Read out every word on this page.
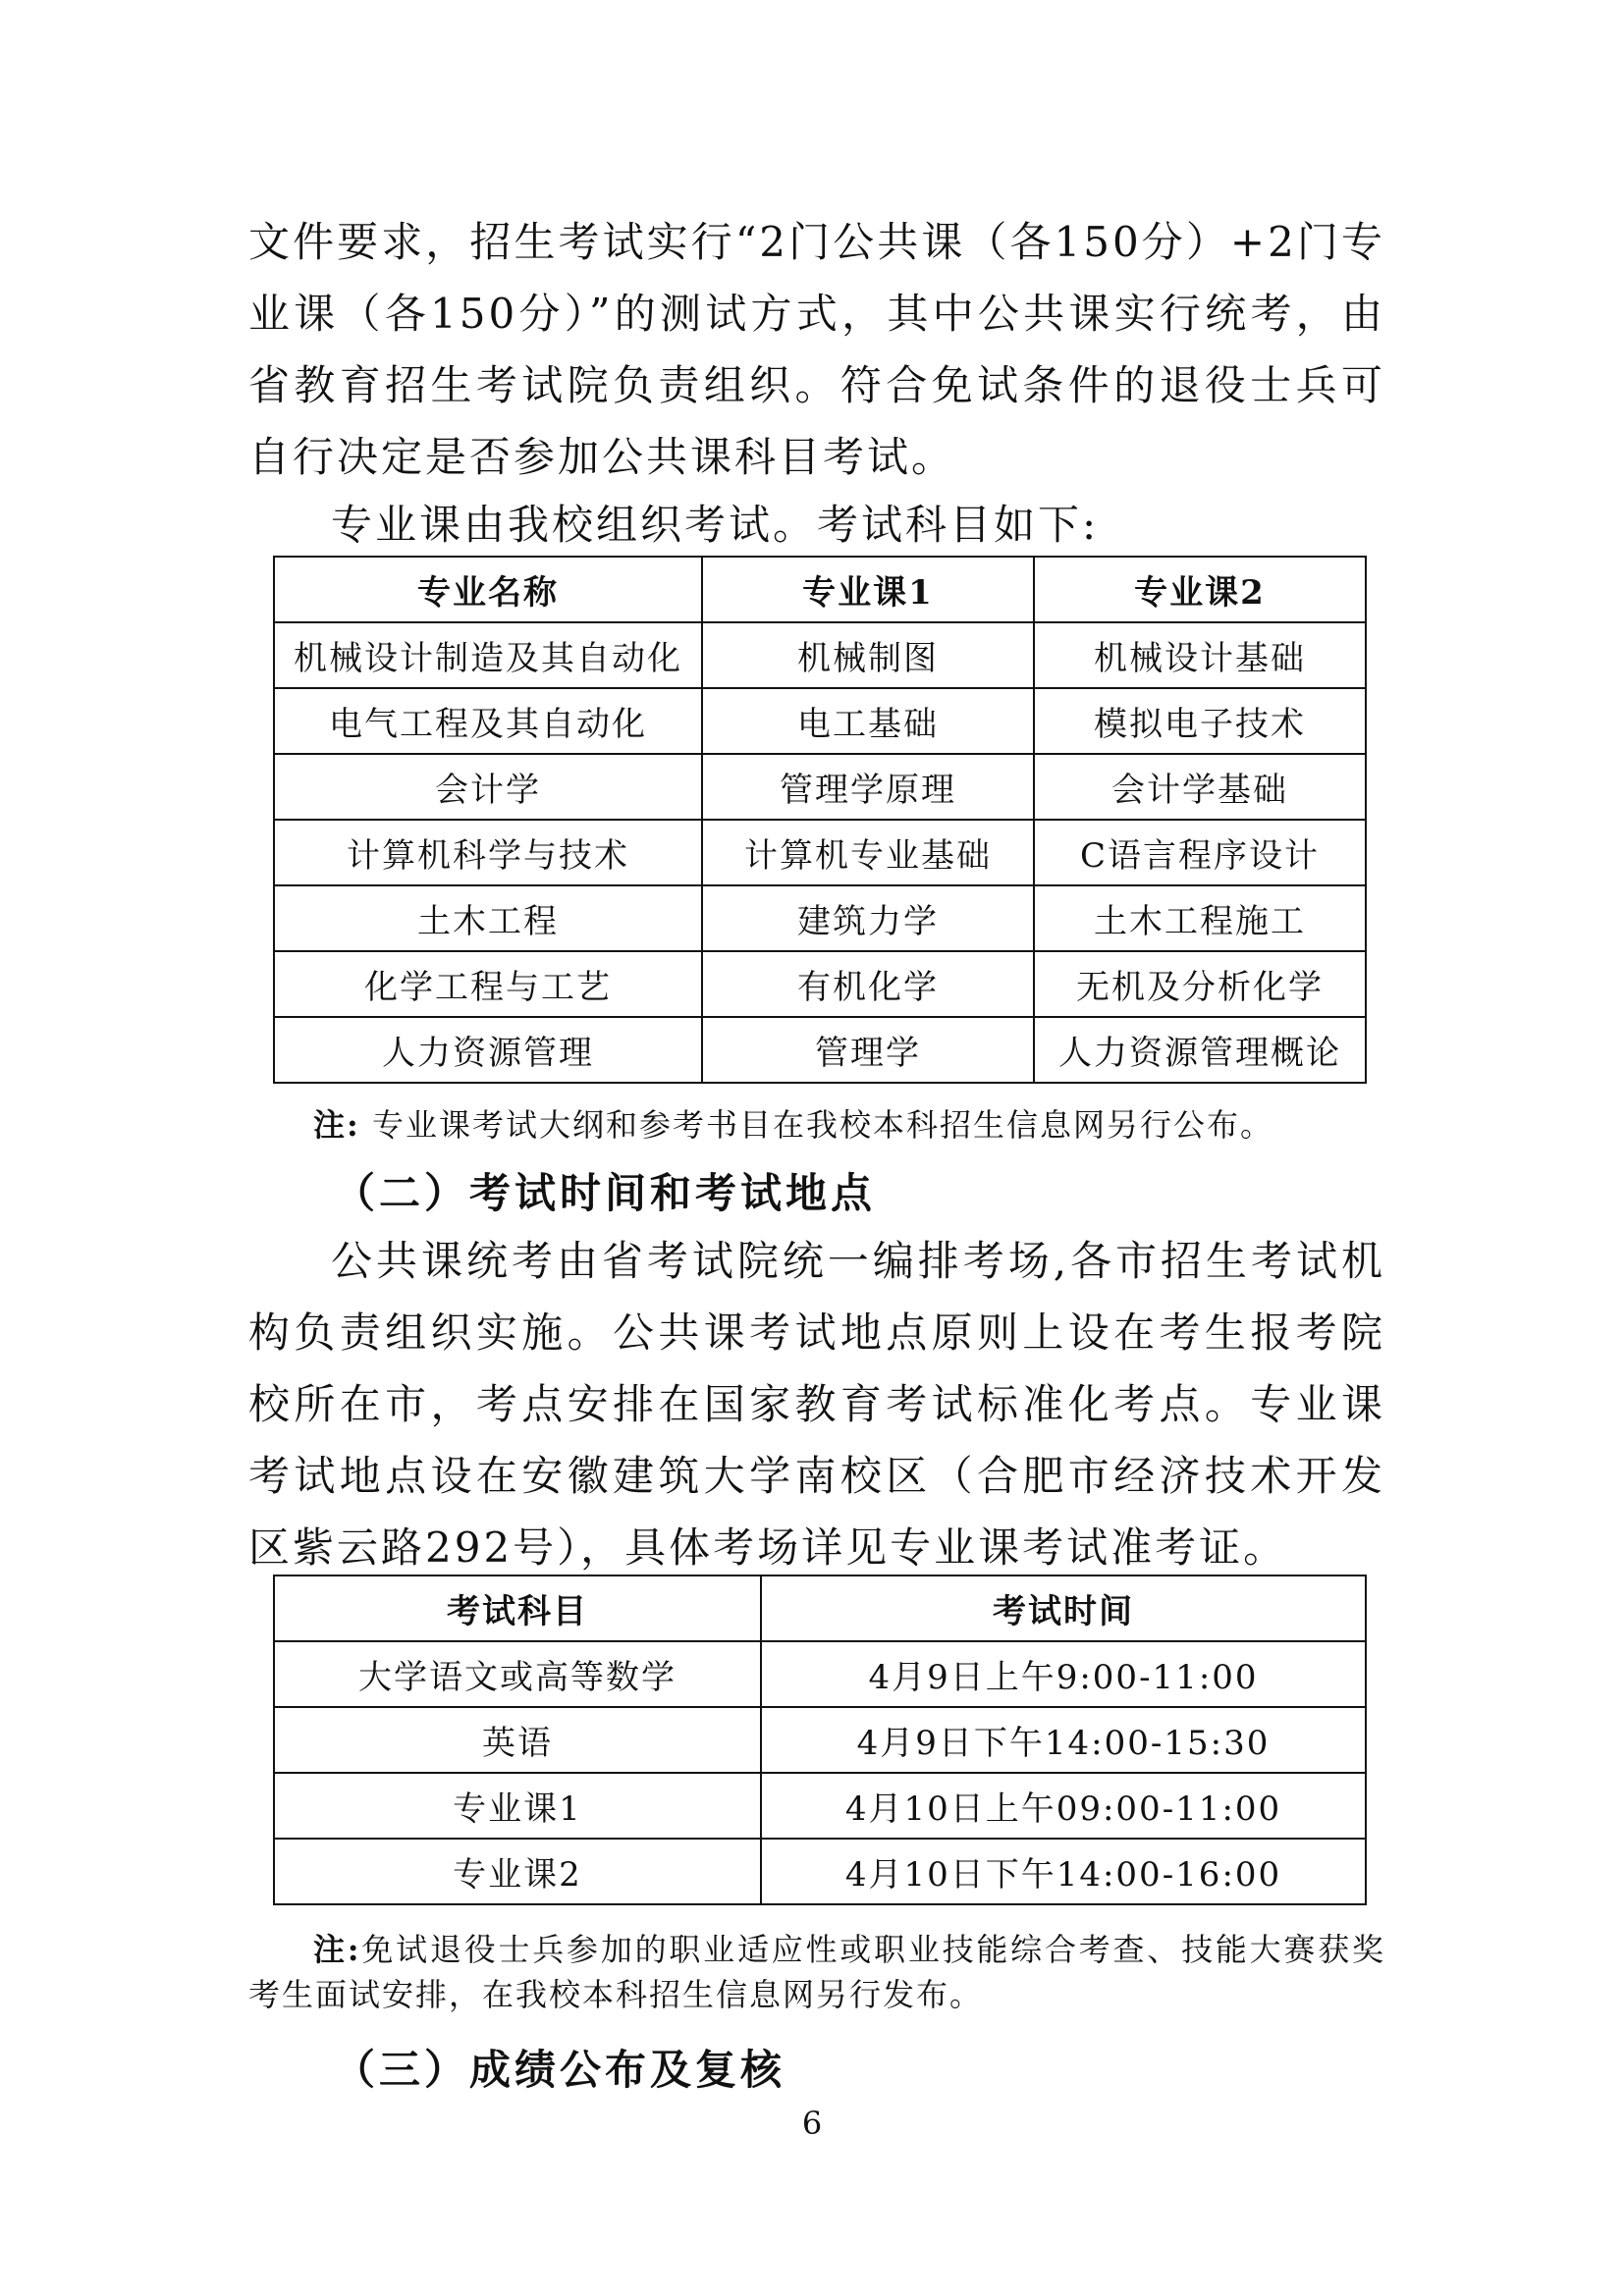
文件要求，招生考试实行“2门公共课（各150分）+2门专业课（各150分）”的测试方式，其中公共课实行统考，由省教育招生考试院负责组织。符合免试条件的退役士兵可自行决定是否参加公共课科目考试。

专业课由我校组织考试。考试科目如下:

专业名称	专业课1	专业课2
机械设计制造及其自动化	机械制图	机械设计基础
电气工程及其自动化	电工基础	模拟电子技术
会计学	管理学原理	会计学基础
计算机科学与技术	计算机专业基础	C语言程序设计
土木工程	建筑力学	土木工程施工
化学工程与工艺	有机化学	无机及分析化学
人力资源管理	管理学	人力资源管理概论

注: 专业课考试大纲和参考书目在我校本科招生信息网另行公布。

（二）考试时间和考试地点

公共课统考由省考试院统一编排考场,各市招生考试机构负责组织实施。公共课考试地点原则上设在考生报考院校所在市，考点安排在国家教育考试标准化考点。专业课考试地点设在安徽建筑大学南校区（合肥市经济技术开发区紫云路292号），具体考场详见专业课考试准考证。

考试科目	考试时间
大学语文或高等数学	4月9日上午9:00-11:00
英语	4月9日下午14:00-15:30
专业课1	4月10日上午09:00-11:00
专业课2	4月10日下午14:00-16:00

注:免试退役士兵参加的职业适应性或职业技能综合考查、技能大赛获奖考生面试安排，在我校本科招生信息网另行发布。

（三）成绩公布及复核

6
